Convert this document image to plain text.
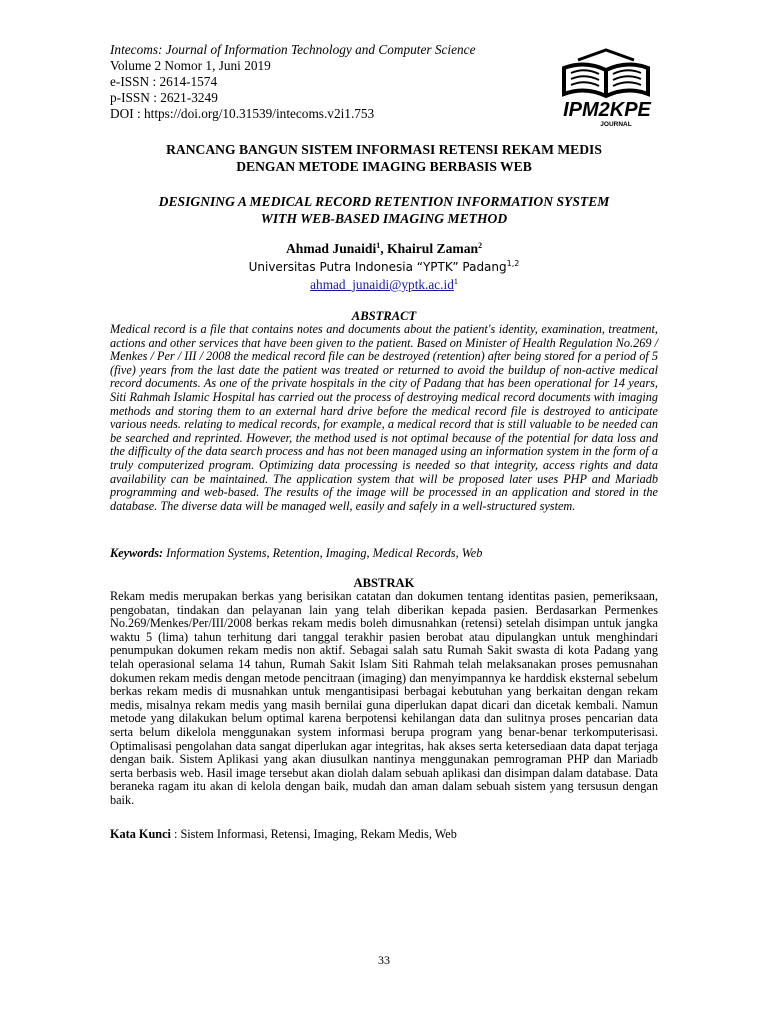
Intecoms: Journal of Information Technology and Computer Science
Volume 2 Nomor 1, Juni 2019
e-ISSN : 2614-1574
p-ISSN : 2621-3249
DOI : https://doi.org/10.31539/intecoms.v2i1.753	IPM2KPE
JOURNAL
RANCANG BANGUN SISTEM INFORMASI RETENSI REKAM MEDIS
DENGAN METODE IMAGING BERBASIS WEB
DESIGNING A MEDICAL RECORD RETENTION INFORMATION SYSTEM
WITH WEB-BASED IMAGING METHOD
Ahmad Junaidi$^1$, Khairul Zaman$^2$
Universitas Putra Indonesia “YPTK” Padang$^{1,2}$
$ahmad\_junaidi@yptk.ac.id^1$
ABSTRACT

Medical record is a file that contains notes and documents about the patient's identity, examination, treatment, actions and other services that have been given to the patient. Based on Minister of Health Regulation No.269 / Menkes / Per / III / 2008 the medical record file can be destroyed (retention) after being stored for a period of 5 (five) years from the last date the patient was treated or returned to avoid the buildup of non-active medical record documents. As one of the private hospitals in the city of Padang that has been operational for 14 years, Siti Rahmah Islamic Hospital has carried out the process of destroying medical record documents with imaging methods and storing them to an external hard drive before the medical record file is destroyed to anticipate various needs. relating to medical records, for example, a medical record that is still valuable to be needed can be searched and reprinted. However, the method used is not optimal because of the potential for data loss and the difficulty of the data search process and has not been managed using an information system in the form of a truly computerized program. Optimizing data processing is needed so that integrity, access rights and data availability can be maintained. The application system that will be proposed later uses PHP and Mariadb programming and web-based. The results of the image will be processed in an application and stored in the database. The diverse data will be managed well, easily and safely in a well-structured system.

Keywords: Information Systems, Retention, Imaging, Medical Records, Web
ABSTRAK

Rekam medis merupakan berkas yang berisikan catatan dan dokumen tentang identitas pasien, pemeriksaan, pengobatan, tindakan dan pelayanan lain yang telah diberikan kepada pasien. Berdasarkan Permenkes No.269/Menkes/Per/III/2008 berkas rekam medis boleh dimusnahkan (retensi) setelah disimpan untuk jangka waktu 5 (lima) tahun terhitung dari tanggal terakhir pasien berobat atau dipulangkan untuk menghindari penumpukan dokumen rekam medis non aktif. Sebagai salah satu Rumah Sakit swasta di kota Padang yang telah operasional selama 14 tahun, Rumah Sakit Islam Siti Rahmah telah melaksanakan proses pemusnahan dokumen rekam medis dengan metode pencitraan (imaging) dan menyimpannya ke harddisk eksternal sebelum berkas rekam medis di musnahkan untuk mengantisipasi berbagai kebutuhan yang berkaitan dengan rekam medis, misalnya rekam medis yang masih bernilai guna diperlukan dapat dicari dan dicetak kembali. Namun metode yang dilakukan belum optimal karena berpotensi kehilangan data dan sulitnya proses pencarian data serta belum dikelola menggunakan system informasi berupa program yang benar-benar terkomputerisasi. Optimalisasi pengolahan data sangat diperlukan agar integritas, hak akses serta ketersediaan data dapat terjaga dengan baik. Sistem Aplikasi yang akan diusulkan nantinya menggunakan pemrograman PHP dan Mariadb serta berbasis web. Hasil image tersebut akan diolah dalam sebuah aplikasi dan disimpan dalam database. Data beraneka ragam itu akan di kelola dengan baik, mudah dan aman dalam sebuah sistem yang tersusun dengan baik.

Kata Kunci : Sistem Informasi, Retensi, Imaging, Rekam Medis, Web
33
